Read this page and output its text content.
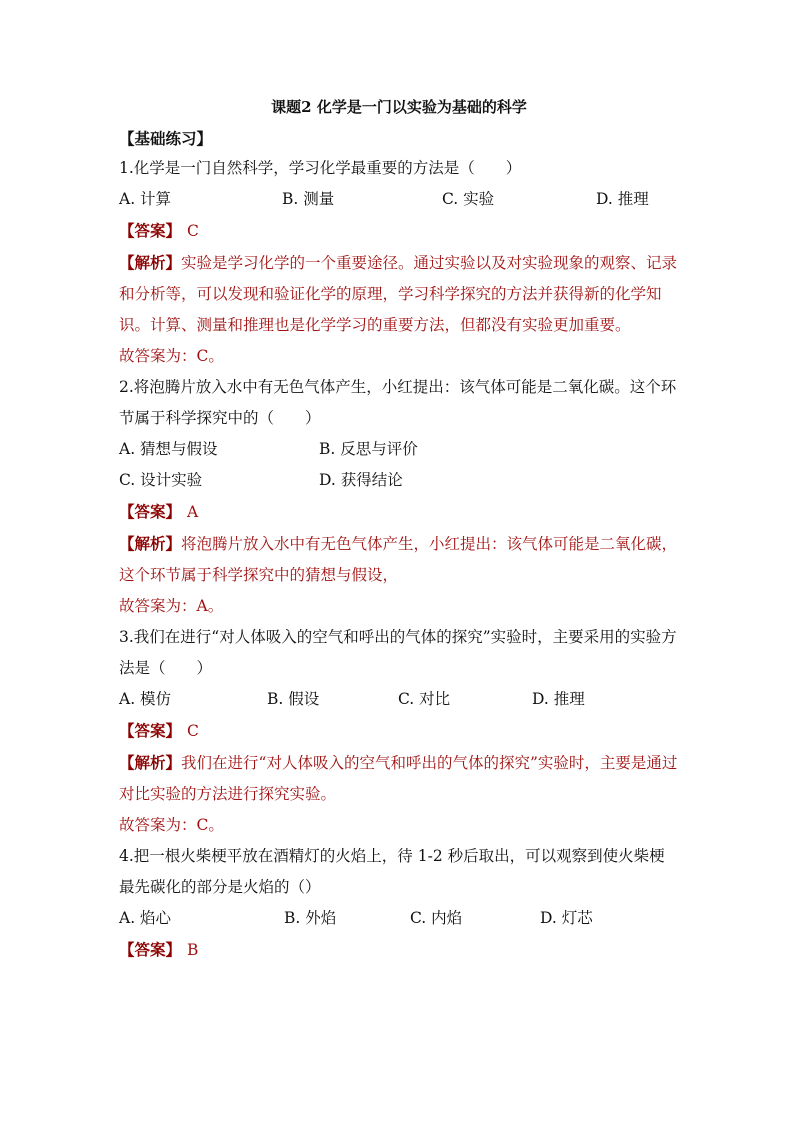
课题2 化学是一门以实验为基础的科学
【基础练习】
1.化学是一门自然科学，学习化学最重要的方法是（　　）
A. 计算	B. 测量	C. 实验	D. 推理
【答案】 C
【解析】实验是学习化学的一个重要途径。通过实验以及对实验现象的观察、记录和分析等，可以发现和验证化学的原理，学习科学探究的方法并获得新的化学知识。计算、测量和推理也是化学学习的重要方法，但都没有实验更加重要。
故答案为：C。
2.将泡腾片放入水中有无色气体产生，小红提出：该气体可能是二氧化碳。这个环节属于科学探究中的（　　）
A. 猜想与假设	B. 反思与评价
C. 设计实验	D. 获得结论
【答案】 A
【解析】将泡腾片放入水中有无色气体产生，小红提出：该气体可能是二氧化碳，这个环节属于科学探究中的猜想与假设，
故答案为：A。
3.我们在进行“对人体吸入的空气和呼出的气体的探究”实验时，主要采用的实验方法是（　　）
A. 模仿	B. 假设	C. 对比	D. 推理
【答案】 C
【解析】我们在进行“对人体吸入的空气和呼出的气体的探究”实验时，主要是通过对比实验的方法进行探究实验。
故答案为：C。
4.把一根火柴梗平放在酒精灯的火焰上，待 1-2 秒后取出，可以观察到使火柴梗最先碳化的部分是火焰的（）
A. 焰心	B. 外焰	C. 内焰	D. 灯芯
【答案】 B
